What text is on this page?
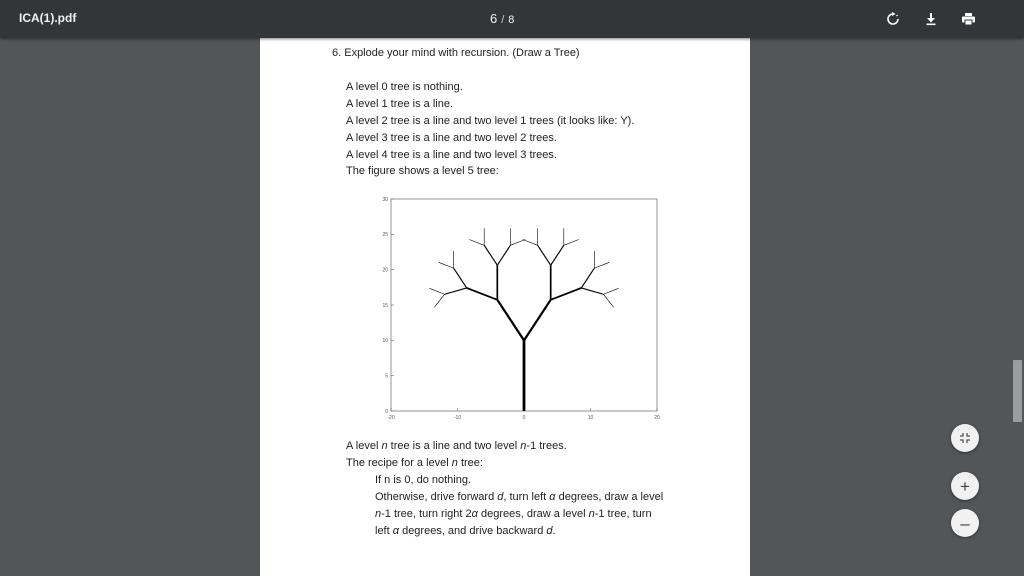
ICA(1).pdf	6 / 8
6. Explode your mind with recursion. (Draw a Tree)
A level 0 tree is nothing.
A level 1 tree is a line.
A level 2 tree is a line and two level 1 trees (it looks like: Y).
A level 3 tree is a line and two level 2 trees.
A level 4 tree is a line and two level 3 trees.
The figure shows a level 5 tree:
-20	-10	0	10	20
0
5
10
15
20
25
30
A level n tree is a line and two level n-1 trees.
The recipe for a level n tree:
If n is 0, do nothing.
Otherwise, drive forward d, turn left α degrees, draw a level
n-1 tree, turn right 2α degrees, draw a level n-1 tree, turn
left α degrees, and drive backward d.
+
–
